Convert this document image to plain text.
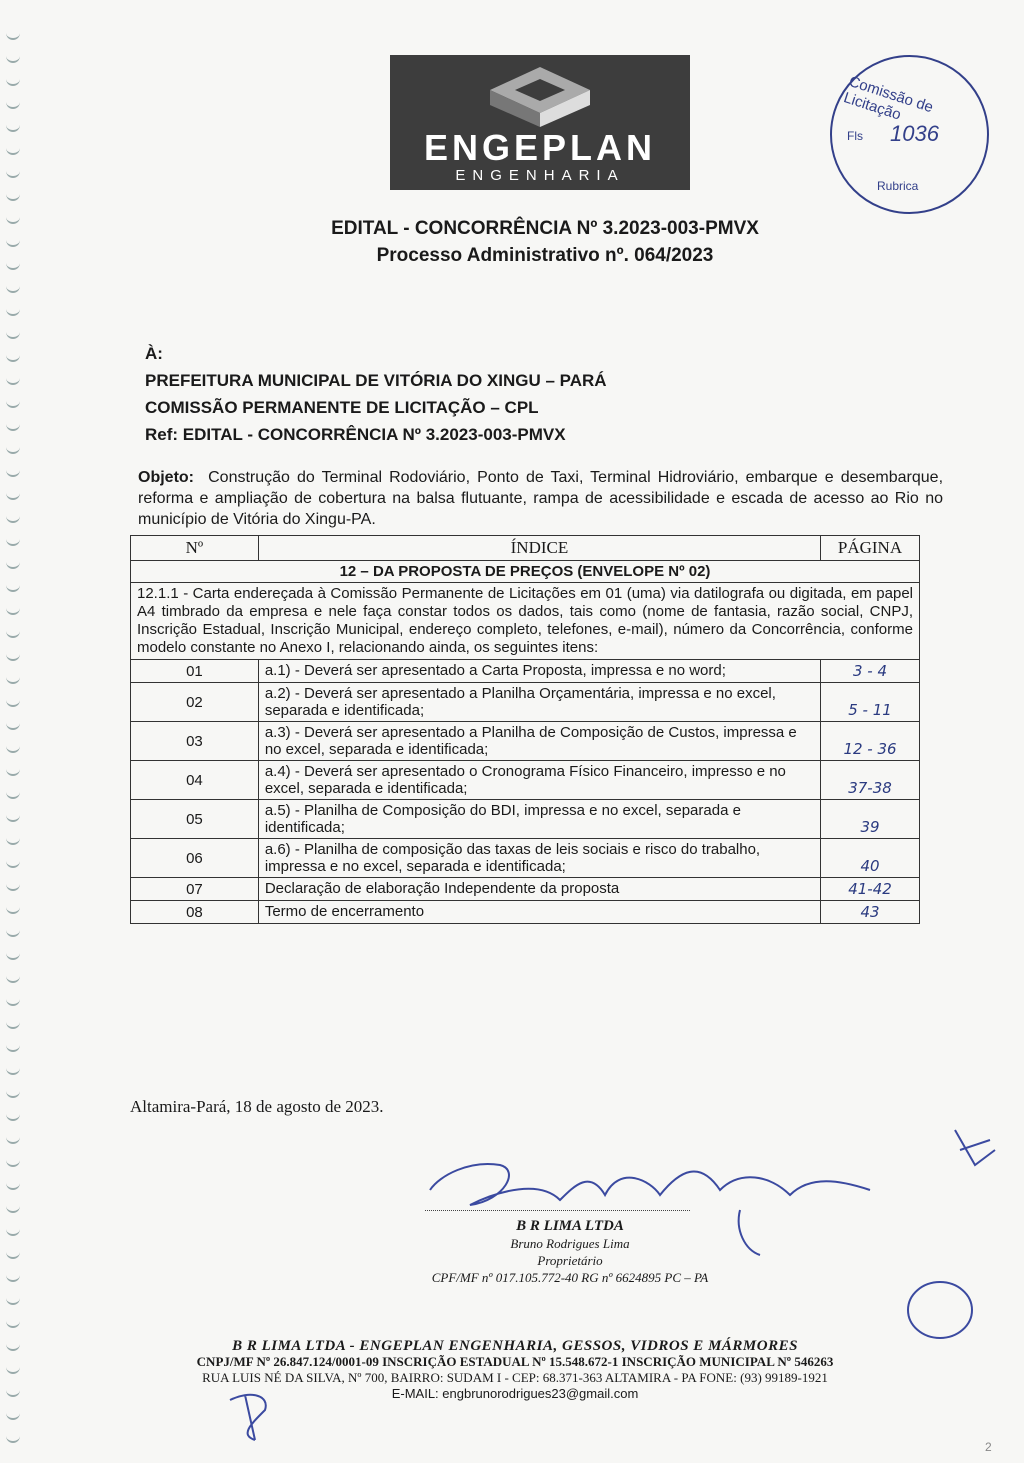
ENGEPLAN
ENGENHARIA
Comissão de Licitação
Fls 1036
Rubrica
EDITAL - CONCORRÊNCIA Nº 3.2023-003-PMVX
Processo Administrativo nº. 064/2023
À:
PREFEITURA MUNICIPAL DE VITÓRIA DO XINGU – PARÁ
COMISSÃO PERMANENTE DE LICITAÇÃO – CPL
Ref: EDITAL - CONCORRÊNCIA Nº 3.2023-003-PMVX
Objeto: Construção do Terminal Rodoviário, Ponto de Taxi, Terminal Hidroviário, embarque e desembarque, reforma e ampliação de cobertura na balsa flutuante, rampa de acessibilidade e escada de acesso ao Rio no município de Vitória do Xingu-PA.
Nº	ÍNDICE	PÁGINA
12 – DA PROPOSTA DE PREÇOS (ENVELOPE Nº 02)		
12.1.1 - Carta endereçada à Comissão Permanente de Licitações em 01 (uma) via datilografa ou digitada, em papel A4 timbrado da empresa e nele faça constar todos os dados, tais como (nome de fantasia, razão social, CNPJ, Inscrição Estadual, Inscrição Municipal, endereço completo, telefones, e-mail), número da Concorrência, conforme modelo constante no Anexo I, relacionando ainda, os seguintes itens:		
01	a.1) - Deverá ser apresentado a Carta Proposta, impressa e no word;	3 - 4
02	a.2) - Deverá ser apresentado a Planilha Orçamentária, impressa e no excel, separada e identificada;	5 - 11
03	a.3) - Deverá ser apresentado a Planilha de Composição de Custos, impressa e no excel, separada e identificada;	12 - 36
04	a.4) - Deverá ser apresentado o Cronograma Físico Financeiro, impresso e no excel, separada e identificada;	37-38
05	a.5) - Planilha de Composição do BDI, impressa e no excel, separada e identificada;	39
06	a.6) - Planilha de composição das taxas de leis sociais e risco do trabalho, impressa e no excel, separada e identificada;	40
07	Declaração de elaboração Independente da proposta	41-42
08	Termo de encerramento	43
Altamira-Pará, 18 de agosto de 2023.
B R LIMA LTDA
Bruno Rodrigues Lima
Proprietário
CPF/MF nº 017.105.772-40 RG nº 6624895 PC – PA
B R LIMA LTDA - ENGEPLAN ENGENHARIA, GESSOS, VIDROS E MÁRMORES
CNPJ/MF Nº 26.847.124/0001-09 INSCRIÇÃO ESTADUAL Nº 15.548.672-1 INSCRIÇÃO MUNICIPAL Nº 546263
RUA LUIS NÉ DA SILVA, Nº 700, BAIRRO: SUDAM I - CEP: 68.371-363 ALTAMIRA - PA FONE: (93) 99189-1921
E-MAIL: engbrunorodrigues23@gmail.com
2
